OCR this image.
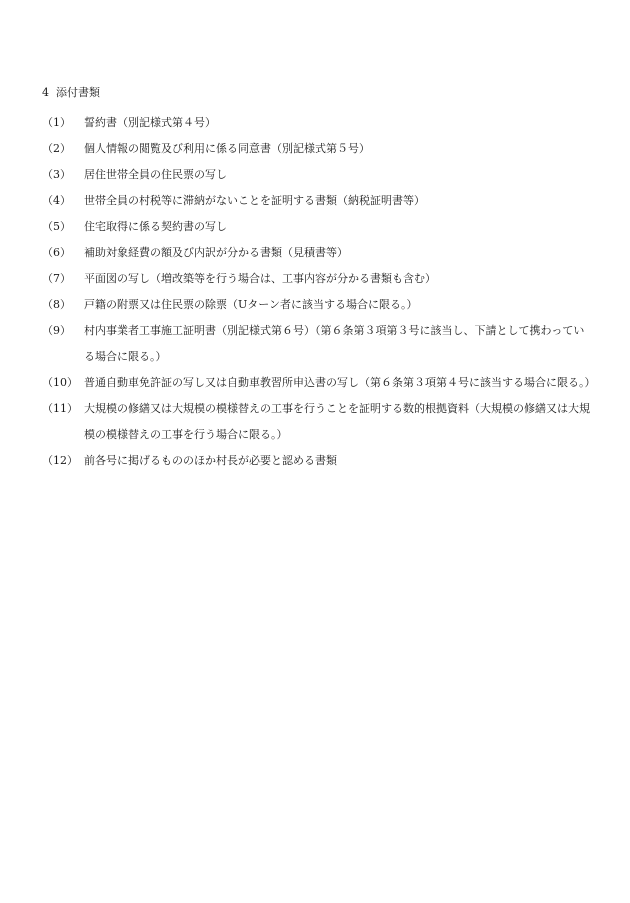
4 添付書類
（1）	誓約書（別記様式第４号）
（2）	個人情報の閲覧及び利用に係る同意書（別記様式第５号）
（3）	居住世帯全員の住民票の写し
（4）	世帯全員の村税等に滞納がないことを証明する書類（納税証明書等）
（5）	住宅取得に係る契約書の写し
（6）	補助対象経費の額及び内訳が分かる書類（見積書等）
（7）	平面図の写し（増改築等を行う場合は、工事内容が分かる書類も含む）
（8）	戸籍の附票又は住民票の除票（Uターン者に該当する場合に限る。）
（9）	村内事業者工事施工証明書（別記様式第６号）（第６条第３項第３号に該当し、下請として携わっている場合に限る。）
（10） 普通自動車免許証の写し又は自動車教習所申込書の写し（第６条第３項第４号に該当する場合に限る。）
（11） 大規模の修繕又は大規模の模様替えの工事を行うことを証明する数的根拠資料（大規模の修繕又は大規模の模様替えの工事を行う場合に限る。）
（12） 前各号に掲げるもののほか村長が必要と認める書類
